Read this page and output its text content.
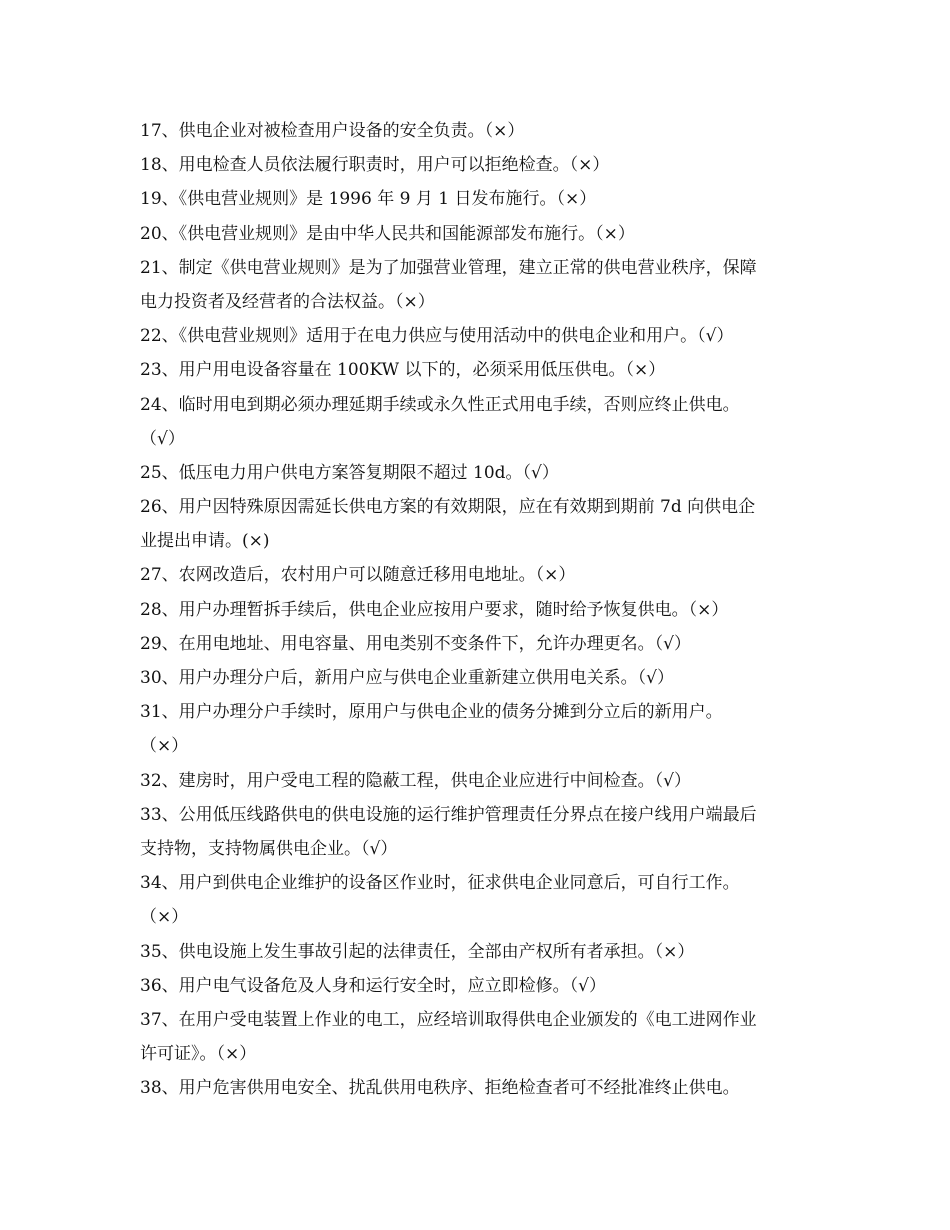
17、供电企业对被检查用户设备的安全负责。（×）
18、用电检查人员依法履行职责时，用户可以拒绝检查。（×）
19、《供电营业规则》是 1996 年 9 月 1 日发布施行。（×）
20、《供电营业规则》是由中华人民共和国能源部发布施行。（×）
21、制定《供电营业规则》是为了加强营业管理，建立正常的供电营业秩序，保障
电力投资者及经营者的合法权益。（×）
22、《供电营业规则》适用于在电力供应与使用活动中的供电企业和用户。（√）
23、用户用电设备容量在 100KW 以下的，必须采用低压供电。（×）
24、临时用电到期必须办理延期手续或永久性正式用电手续，否则应终止供电。
（√）
25、低压电力用户供电方案答复期限不超过 10d。（√）
26、用户因特殊原因需延长供电方案的有效期限，应在有效期到期前 7d 向供电企
业提出申请。(×)
27、农网改造后，农村用户可以随意迁移用电地址。（×）
28、用户办理暂拆手续后，供电企业应按用户要求，随时给予恢复供电。（×）
29、在用电地址、用电容量、用电类别不变条件下，允许办理更名。（√）
30、用户办理分户后，新用户应与供电企业重新建立供用电关系。（√）
31、用户办理分户手续时，原用户与供电企业的债务分摊到分立后的新用户。
（×）
32、建房时，用户受电工程的隐蔽工程，供电企业应进行中间检查。（√）
33、公用低压线路供电的供电设施的运行维护管理责任分界点在接户线用户端最后
支持物，支持物属供电企业。（√）
34、用户到供电企业维护的设备区作业时，征求供电企业同意后，可自行工作。
（×）
35、供电设施上发生事故引起的法律责任，全部由产权所有者承担。（×）
36、用户电气设备危及人身和运行安全时，应立即检修。（√）
37、在用户受电装置上作业的电工，应经培训取得供电企业颁发的《电工进网作业
许可证》。（×）
38、用户危害供用电安全、扰乱供用电秩序、拒绝检查者可不经批准终止供电。
